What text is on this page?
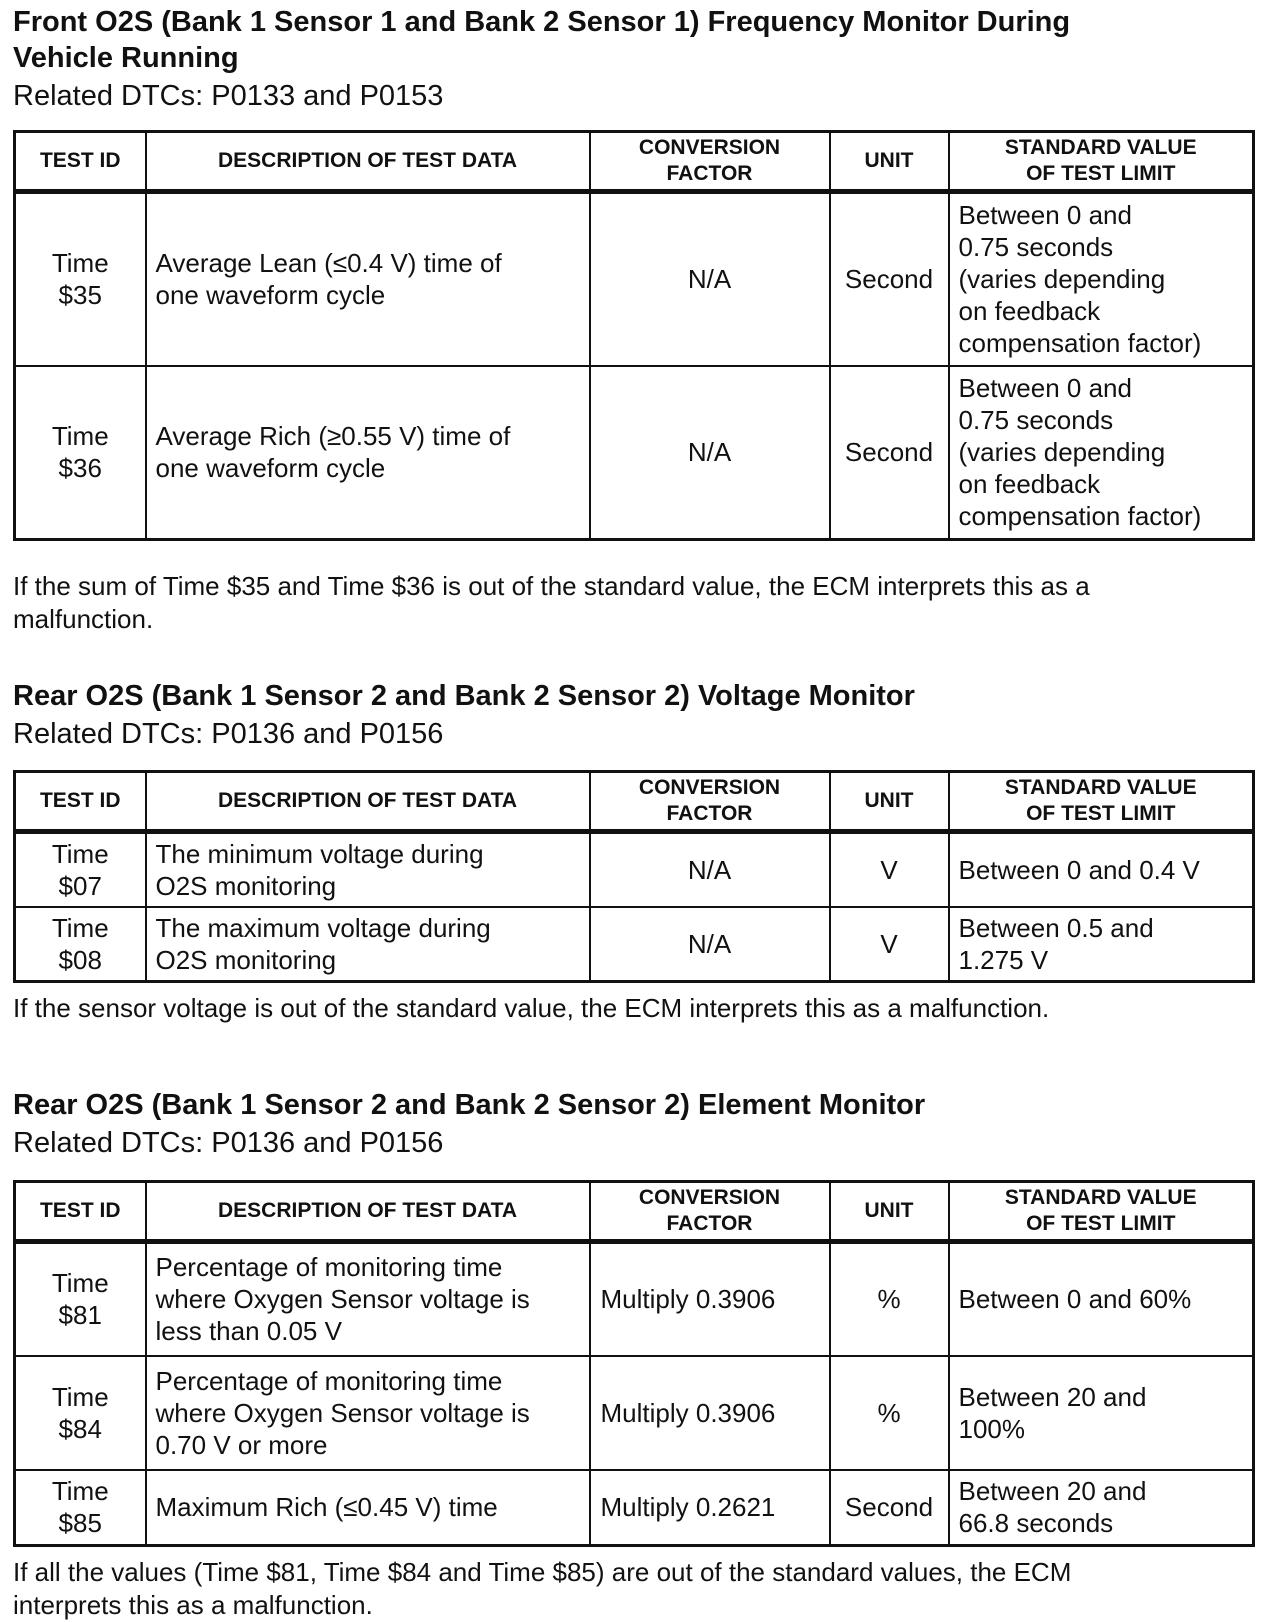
Front O2S (Bank 1 Sensor 1 and Bank 2 Sensor 1) Frequency Monitor During
Vehicle Running

Related DTCs: P0133 and P0153

TEST ID	DESCRIPTION OF TEST DATA	CONVERSION
FACTOR	UNIT	STANDARD VALUE
OF TEST LIMIT
Time
$35	Average Lean (≤0.4 V) time of
one waveform cycle	N/A	Second	Between 0 and
0.75 seconds
(varies depending
on feedback
compensation factor)
Time
$36	Average Rich (≥0.55 V) time of
one waveform cycle	N/A	Second	Between 0 and
0.75 seconds
(varies depending
on feedback
compensation factor)

If the sum of Time $35 and Time $36 is out of the standard value, the ECM interprets this as a
malfunction.

Rear O2S (Bank 1 Sensor 2 and Bank 2 Sensor 2) Voltage Monitor

Related DTCs: P0136 and P0156

TEST ID	DESCRIPTION OF TEST DATA	CONVERSION
FACTOR	UNIT	STANDARD VALUE
OF TEST LIMIT
Time
$07	The minimum voltage during
O2S monitoring	N/A	V	Between 0 and 0.4 V
Time
$08	The maximum voltage during
O2S monitoring	N/A	V	Between 0.5 and
1.275 V

If the sensor voltage is out of the standard value, the ECM interprets this as a malfunction.

Rear O2S (Bank 1 Sensor 2 and Bank 2 Sensor 2) Element Monitor

Related DTCs: P0136 and P0156

TEST ID	DESCRIPTION OF TEST DATA	CONVERSION
FACTOR	UNIT	STANDARD VALUE
OF TEST LIMIT
Time
$81	Percentage of monitoring time
where Oxygen Sensor voltage is
less than 0.05 V	Multiply 0.3906	%	Between 0 and 60%
Time
$84	Percentage of monitoring time
where Oxygen Sensor voltage is
0.70 V or more	Multiply 0.3906	%	Between 20 and
100%
Time
$85	Maximum Rich (≤0.45 V) time	Multiply 0.2621	Second	Between 20 and
66.8 seconds

If all the values (Time $81, Time $84 and Time $85) are out of the standard values, the ECM
interprets this as a malfunction.
